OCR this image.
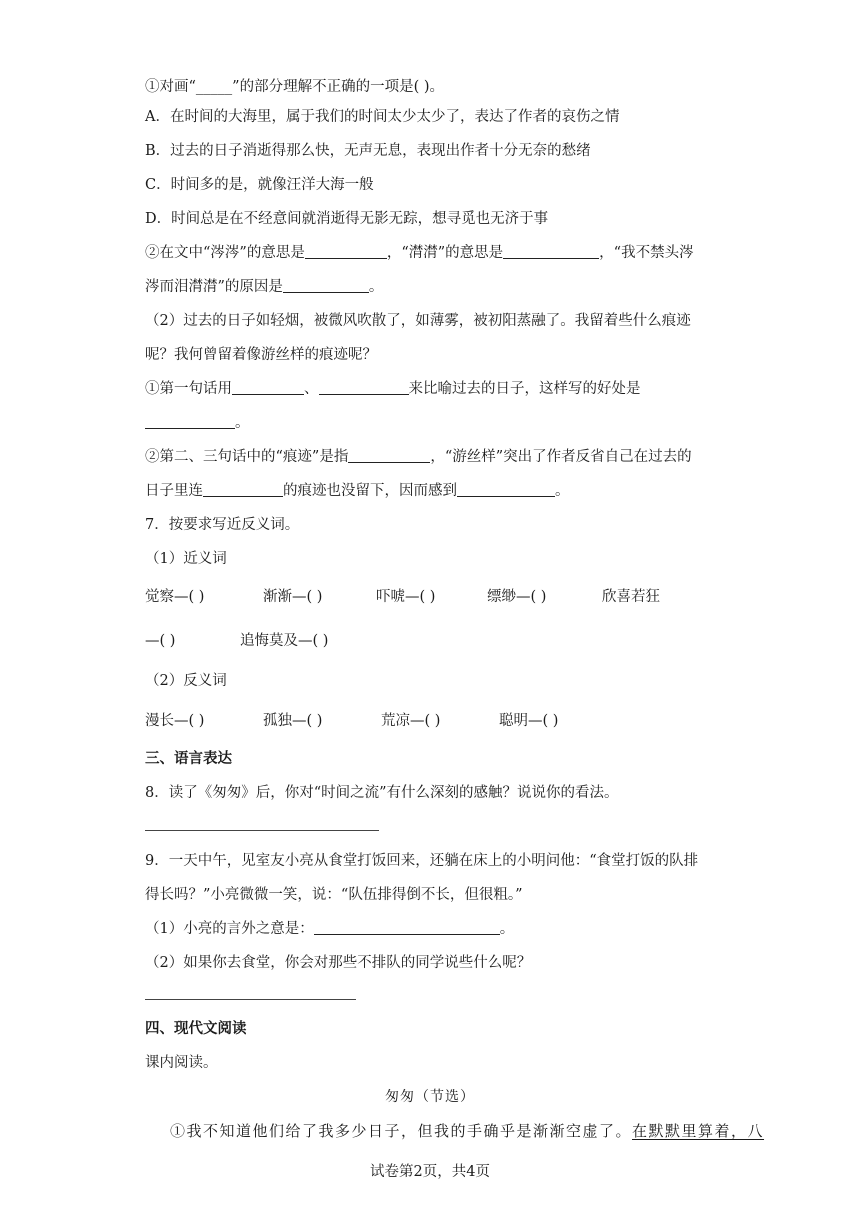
①对画“_____”的部分理解不正确的一项是( )。
A．在时间的大海里，属于我们的时间太少太少了，表达了作者的哀伤之情
B．过去的日子消逝得那么快，无声无息，表现出作者十分无奈的愁绪
C．时间多的是，就像汪洋大海一般
D．时间总是在不经意间就消逝得无影无踪，想寻觅也无济于事
②在文中“涔涔”的意思是	，“潸潸”的意思是	，“我不禁头涔
涔而泪潸潸”的原因是	。
（2）过去的日子如轻烟，被微风吹散了，如薄雾，被初阳蒸融了。我留着些什么痕迹
呢？我何曾留着像游丝样的痕迹呢？
①第一句话用	、	来比喻过去的日子，这样写的好处是
。
②第二、三句话中的“痕迹”是指	，“游丝样”突出了作者反省自己在过去的
日子里连	的痕迹也没留下，因而感到	。
7．按要求写近反义词。
（1）近义词
觉察—( )	渐渐—( )	吓唬—( )	缥缈—( )	欣喜若狂
—( )	追悔莫及—( )
（2）反义词
漫长—( )	孤独—( )	荒凉—( )	聪明—( )
三、语言表达
8．读了《匆匆》后，你对“时间之流”有什么深刻的感触？说说你的看法。
9．一天中午，见室友小亮从食堂打饭回来，还躺在床上的小明问他：“食堂打饭的队排
得长吗？”小亮微微一笑，说：“队伍排得倒不长，但很粗。”
（1）小亮的言外之意是：	。
（2）如果你去食堂，你会对那些不排队的同学说些什么呢？
四、现代文阅读
课内阅读。
匆匆（节选）
①我不知道他们给了我多少日子，但我的手确乎是渐渐空虚了。在默默里算着，八
试卷第2页，共4页
